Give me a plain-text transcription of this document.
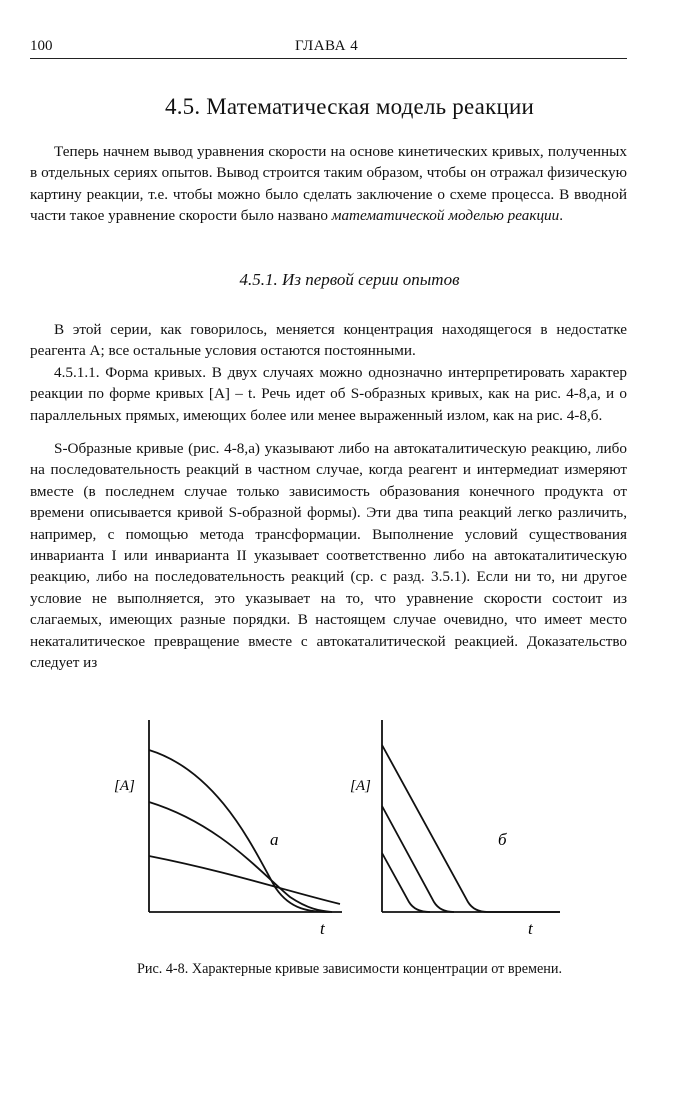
100	ГЛАВА 4
4.5. Математическая модель реакции

Теперь начнем вывод уравнения скорости на основе кинетических кривых, полученных в отдельных сериях опытов. Вывод строится таким образом, чтобы он отражал физическую картину реакции, т.е. чтобы можно было сделать заключение о схеме процесса. В вводной части такое уравнение скорости было названо математической моделью реакции.

4.5.1. Из первой серии опытов

В этой серии, как говорилось, меняется концентрация находящегося в недостатке реагента A; все остальные условия остаются постоянными.

4.5.1.1. Форма кривых. В двух случаях можно однозначно интерпретировать характер реакции по форме кривых [A] – t. Речь идет об S-образных кривых, как на рис. 4-8,а, и о параллельных прямых, имеющих более или менее выраженный излом, как на рис. 4-8,б.

S-Образные кривые (рис. 4-8,а) указывают либо на автокаталитическую реакцию, либо на последовательность реакций в частном случае, когда реагент и интермедиат измеряют вместе (в последнем случае только зависимость образования конечного продукта от времени описывается кривой S-образной формы). Эти два типа реакций легко различить, например, с помощью метода трансформации. Выполнение условий существования инварианта I или инварианта II указывает соответственно либо на автокаталитическую реакцию, либо на последовательность реакций (ср. с разд. 3.5.1). Если ни то, ни другое условие не выполняется, это указывает на то, что уравнение скорости состоит из слагаемых, имеющих разные порядки. В настоящем случае очевидно, что имеет место некаталитическое превращение вместе с автокаталитической реакцией. Доказательство следует из

[A]
а
t
[A]
б
t
Рис. 4-8. Характерные кривые зависимости концентрации от времени.
